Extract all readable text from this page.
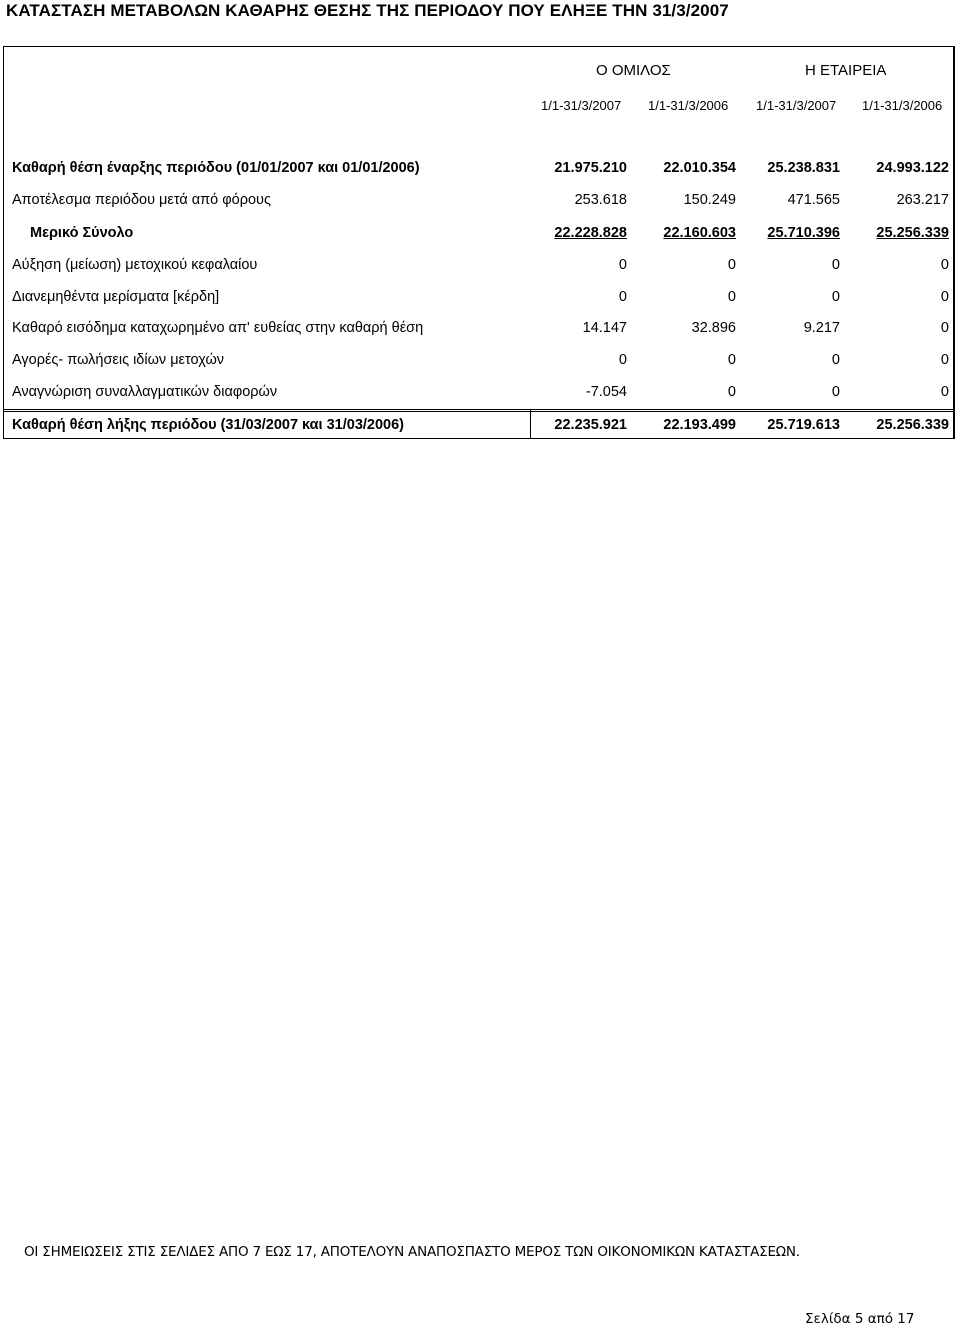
ΚΑΤΑΣΤΑΣΗ ΜΕΤΑΒΟΛΩΝ ΚΑΘΑΡΗΣ ΘΕΣΗΣ ΤΗΣ ΠΕΡΙΟΔΟΥ ΠΟΥ ΕΛΗΞΕ ΤΗΝ 31/3/2007
Ο ΟΜΙΛΟΣ	Η ΕΤΑΙΡΕΙΑ
1/1-31/3/2007 1/1-31/3/2006 1/1-31/3/2007 1/1-31/3/2006
Καθαρή θέση έναρξης περιόδου (01/01/2007 και 01/01/2006)	21.975.210	22.010.354 25.238.831	24.993.122
Αποτέλεσμα περιόδου μετά από φόρους	253.618	150.249	471.565	263.217
Μερικό Σύνολο	22.228.828	22.160.603 25.710.396	25.256.339
Αύξηση (μείωση) μετοχικού κεφαλαίου	0	0	0	0
Διανεμηθέντα μερίσματα [κέρδη]	0	0	0	0
Καθαρό εισόδημα καταχωρημένο απ' ευθείας στην καθαρή θέση	14.147	32.896	9.217	0
Αγορές- πωλήσεις ιδίων μετοχών	0	0	0	0
Αναγνώριση συναλλαγματικών διαφορών	-7.054	0	0	0
Καθαρή θέση λήξης περιόδου (31/03/2007 και 31/03/2006)	22.235.921	22.193.499 25.719.613	25.256.339
ΟΙ ΣΗΜΕΙΩΣΕΙΣ ΣΤΙΣ ΣΕΛΙΔΕΣ ΑΠΟ 7 ΕΩΣ 17, ΑΠΟΤΕΛΟΥΝ ΑΝΑΠΟΣΠΑΣΤΟ ΜΕΡΟΣ ΤΩΝ ΟΙΚΟΝΟΜΙΚΩΝ ΚΑΤΑΣΤΑΣΕΩΝ.
Σελίδα 5 από 17
